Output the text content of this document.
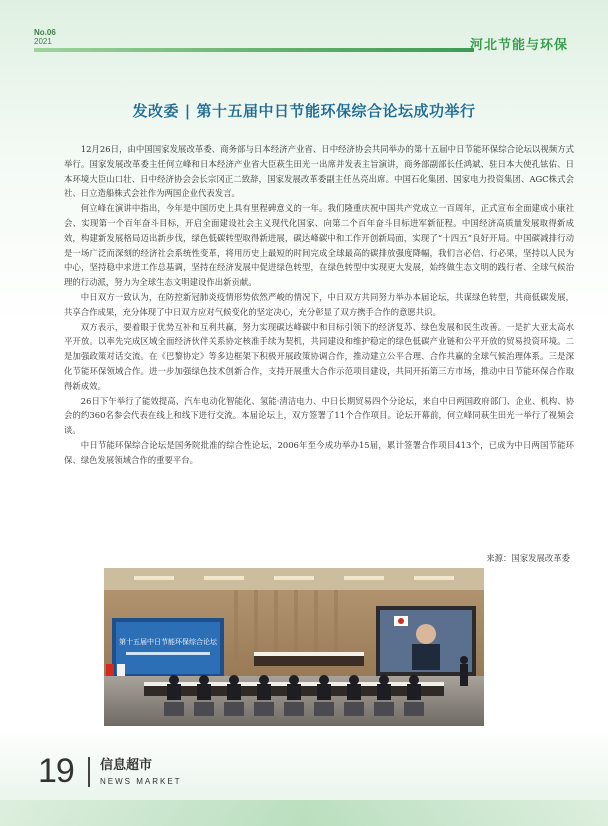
No.06
2021	河北节能与环保
发改委 | 第十五届中日节能环保综合论坛成功举行

12月26日，由中国国家发展改革委、商务部与日本经济产业省、日中经济协会共同举办的第十五届中日节能环保综合论坛以视频方式举行。国家发展改革委主任何立峰和日本经济产业省大臣萩生田光一出席并发表主旨演讲，商务部副部长任鸿斌、驻日本大使孔铉佑、日本环境大臣山口壮、日中经济协会会长宗冈正二致辞，国家发展改革委副主任丛亮出席。中国石化集团、国家电力投资集团、AGC株式会社、日立造船株式会社作为两国企业代表发言。

何立峰在演讲中指出，今年是中国历史上具有里程碑意义的一年。我们隆重庆祝中国共产党成立一百周年，正式宣布全面建成小康社会、实现第一个百年奋斗目标，开启全面建设社会主义现代化国家、向第二个百年奋斗目标进军新征程。中国经济高质量发展取得新成效，构建新发展格局迈出新步伐，绿色低碳转型取得新进展，碳达峰碳中和工作开创新局面，实现了“十四五”良好开局。中国碳减排行动是一场广泛而深刻的经济社会系统性变革，将用历史上最短的时间完成全球最高的碳排放强度降幅，我们言必信、行必果，坚持以人民为中心，坚持稳中求进工作总基调，坚持在经济发展中促进绿色转型，在绿色转型中实现更大发展，始终做生态文明的践行者、全球气候治理的行动派，努力为全球生态文明建设作出新贡献。

中日双方一致认为，在防控新冠肺炎疫情形势依然严峻的情况下，中日双方共同努力举办本届论坛，共谋绿色转型，共商低碳发展，共享合作成果，充分体现了中日双方应对气候变化的坚定决心，充分彰显了双方携手合作的意愿共识。

双方表示，要着眼于优势互补和互利共赢，努力实现碳达峰碳中和目标引领下的经济复苏、绿色发展和民生改善。一是扩大亚太高水平开放。以率先完成区域全面经济伙伴关系协定核准手续为契机，共同建设和维护稳定的绿色低碳产业链和公平开放的贸易投资环境。二是加强政策对话交流。在《巴黎协定》等多边框架下积极开展政策协调合作，推动建立公平合理、合作共赢的全球气候治理体系。三是深化节能环保领域合作。进一步加强绿色技术创新合作，支持开展重大合作示范项目建设，共同开拓第三方市场，推动中日节能环保合作取得新成效。

26日下午举行了能效提高、汽车电动化智能化、氢能·清洁电力、中日长期贸易四个分论坛，来自中日两国政府部门、企业、机构、协会的约360名参会代表在线上和线下进行交流。本届论坛上，双方签署了11个合作项目。论坛开幕前，何立峰同萩生田光一举行了视频会谈。

中日节能环保综合论坛是国务院批准的综合性论坛，2006年至今成功举办15届，累计签署合作项目413个，已成为中日两国节能环保、绿色发展领域合作的重要平台。

来源：国家发展改革委
第十五届中日节能环保综合论坛
19 信息超市
NEWS MARKET
